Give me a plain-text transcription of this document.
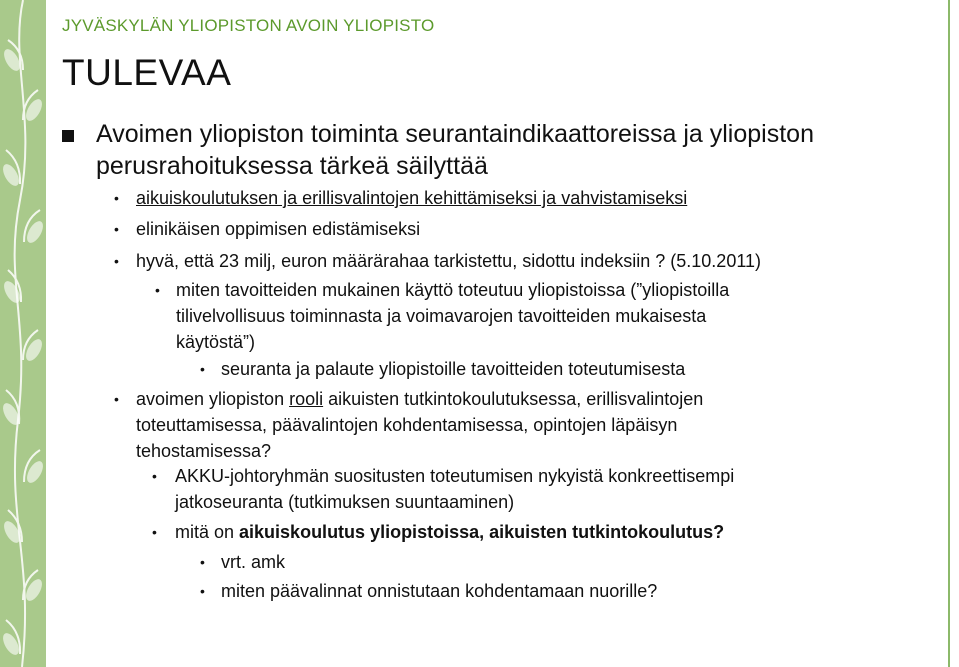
JYVÄSKYLÄN YLIOPISTON AVOIN YLIOPISTO
TULEVAA
Avoimen yliopiston toiminta seurantaindikaattoreissa ja yliopiston perusrahoituksessa tärkeä säilyttää
• aikuiskoulutuksen ja erillisvalintojen kehittämiseksi ja vahvistamiseksi
• elinikäisen oppimisen edistämiseksi
• hyvä, että 23 milj, euron määrärahaa tarkistettu, sidottu indeksiin ? (5.10.2011)
• miten tavoitteiden mukainen käyttö toteutuu yliopistoissa (”yliopistoilla
tilivelvollisuus toiminnasta ja voimavarojen tavoitteiden mukaisesta
käytöstä”)
• seuranta ja palaute yliopistoille tavoitteiden toteutumisesta
• avoimen yliopiston rooli aikuisten tutkintokoulutuksessa, erillisvalintojen
toteuttamisessa, päävalintojen kohdentamisessa, opintojen läpäisyn
tehostamisessa?
• AKKU-johtoryhmän suositusten toteutumisen nykyistä konkreettisempi
jatkoseuranta (tutkimuksen suuntaaminen)
• mitä on aikuiskoulutus yliopistoissa, aikuisten tutkintokoulutus?
• vrt. amk
• miten päävalinnat onnistutaan kohdentamaan nuorille?
